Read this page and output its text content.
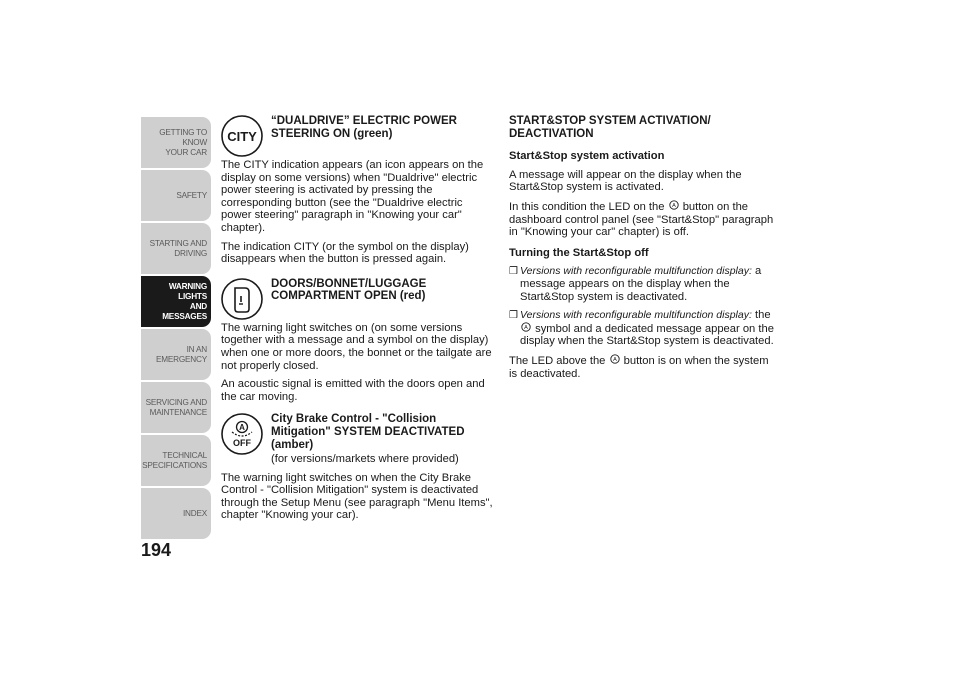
GETTING TO KNOW
YOUR CAR
SAFETY
STARTING AND
DRIVING
WARNING LIGHTS
AND MESSAGES
IN AN EMERGENCY
SERVICING AND
MAINTENANCE
TECHNICAL
SPECIFICATIONS
INDEX
194
CITY
“DUALDRIVE” ELECTRIC POWER STEERING ON (green)

The CITY indication appears (an icon appears on the display on some versions) when "Dualdrive" electric power steering is activated by pressing the corresponding button (see the "Dualdrive electric power steering" paragraph in "Knowing your car" chapter).

The indication CITY (or the symbol on the display) disappears when the button is pressed again.

DOORS/BONNET/LUGGAGE COMPARTMENT OPEN (red)

The warning light switches on (on some versions together with a message and a symbol on the display) when one or more doors, the bonnet or the tailgate are not properly closed.

An acoustic signal is emitted with the doors open and the car moving.

A
OFF
City Brake Control - "Collision Mitigation" SYSTEM DEACTIVATED (amber)
(for versions/markets where provided)

The warning light switches on when the City Brake Control - "Collision Mitigation" system is deactivated through the Setup Menu (see paragraph "Menu Items", chapter "Knowing your car).

START&STOP SYSTEM ACTIVATION/ DEACTIVATION
Start&Stop system activation

A message will appear on the display when the Start&Stop system is activated.

In this condition the LED on the A button on the dashboard control panel (see "Start&Stop" paragraph in "Knowing your car" chapter) is off.

Turning the Start&Stop off
❒ Versions with reconfigurable multifunction display: a message appears on the display when the Start&Stop system is deactivated.
❒ Versions with reconfigurable multifunction display: the

A symbol and a dedicated message appear on the display when the Start&Stop system is deactivated.

The LED above the A button is on when the system is deactivated.
